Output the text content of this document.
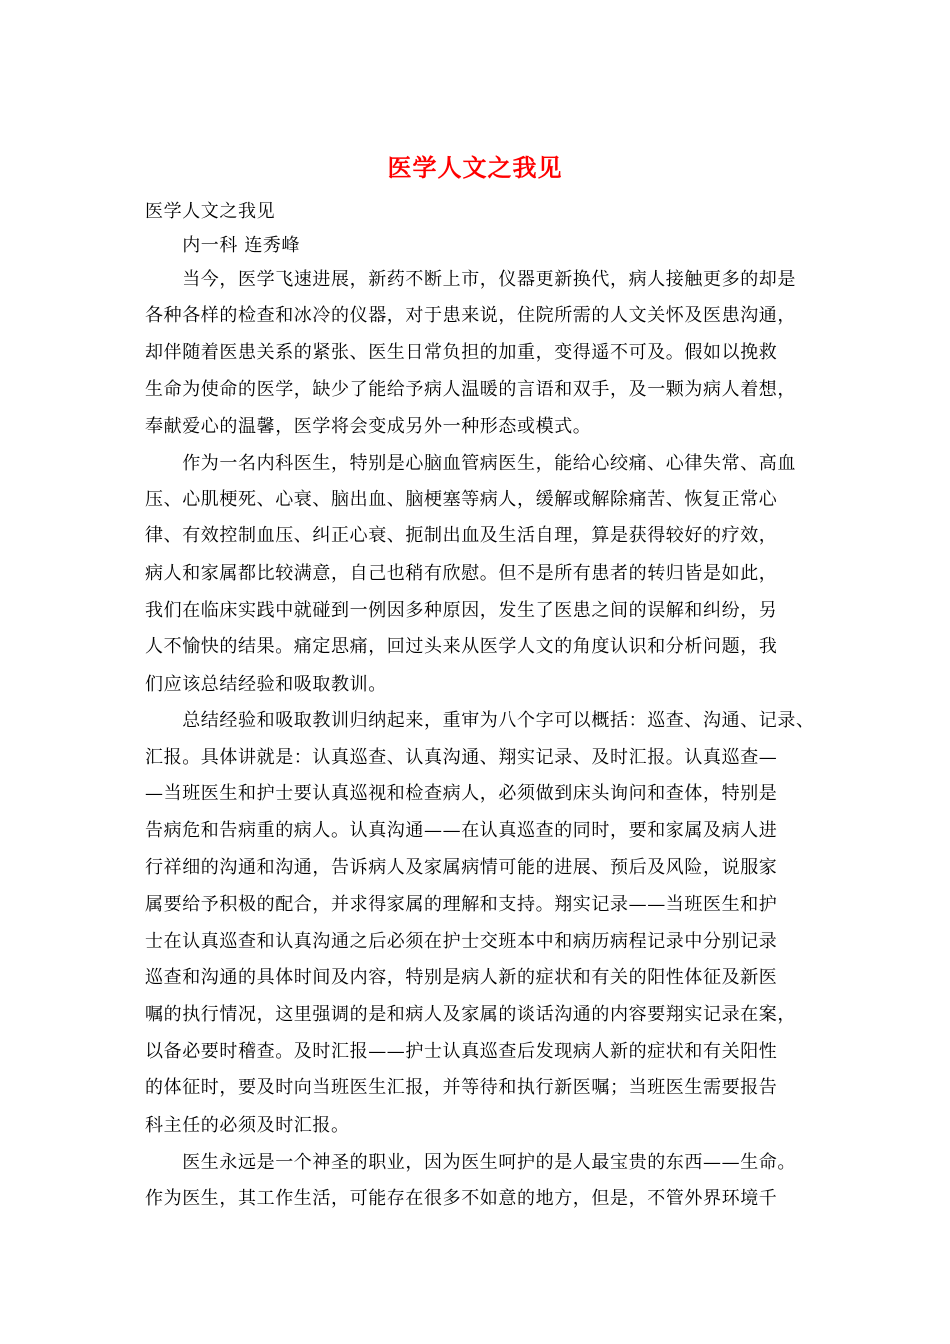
医学人文之我见
医学人文之我见
　　内一科 连秀峰
　　当今，医学飞速进展，新药不断上市，仪器更新换代，病人接触更多的却是
各种各样的检查和冰冷的仪器，对于患来说，住院所需的人文关怀及医患沟通，
却伴随着医患关系的紧张、医生日常负担的加重，变得遥不可及。假如以挽救
生命为使命的医学，缺少了能给予病人温暖的言语和双手，及一颗为病人着想，
奉献爱心的温馨，医学将会变成另外一种形态或模式。
　　作为一名内科医生，特别是心脑血管病医生，能给心绞痛、心律失常、高血
压、心肌梗死、心衰、脑出血、脑梗塞等病人，缓解或解除痛苦、恢复正常心
律、有效控制血压、纠正心衰、扼制出血及生活自理，算是获得较好的疗效，
病人和家属都比较满意，自己也稍有欣慰。但不是所有患者的转归皆是如此，
我们在临床实践中就碰到一例因多种原因，发生了医患之间的误解和纠纷，另
人不愉快的结果。痛定思痛，回过头来从医学人文的角度认识和分析问题，我
们应该总结经验和吸取教训。
　　总结经验和吸取教训归纳起来，重审为八个字可以概括：巡查、沟通、记录、
汇报。具体讲就是：认真巡查、认真沟通、翔实记录、及时汇报。认真巡查—
—当班医生和护士要认真巡视和检查病人，必须做到床头询问和查体，特别是
告病危和告病重的病人。认真沟通——在认真巡查的同时，要和家属及病人进
行祥细的沟通和沟通，告诉病人及家属病情可能的进展、预后及风险，说服家
属要给予积极的配合，并求得家属的理解和支持。翔实记录——当班医生和护
士在认真巡查和认真沟通之后必须在护士交班本中和病历病程记录中分别记录
巡查和沟通的具体时间及内容，特别是病人新的症状和有关的阳性体征及新医
嘱的执行情况，这里强调的是和病人及家属的谈话沟通的内容要翔实记录在案，
以备必要时稽查。及时汇报——护士认真巡查后发现病人新的症状和有关阳性
的体征时，要及时向当班医生汇报，并等待和执行新医嘱；当班医生需要报告
科主任的必须及时汇报。
　　医生永远是一个神圣的职业，因为医生呵护的是人最宝贵的东西——生命。
作为医生，其工作生活，可能存在很多不如意的地方，但是，不管外界环境千
